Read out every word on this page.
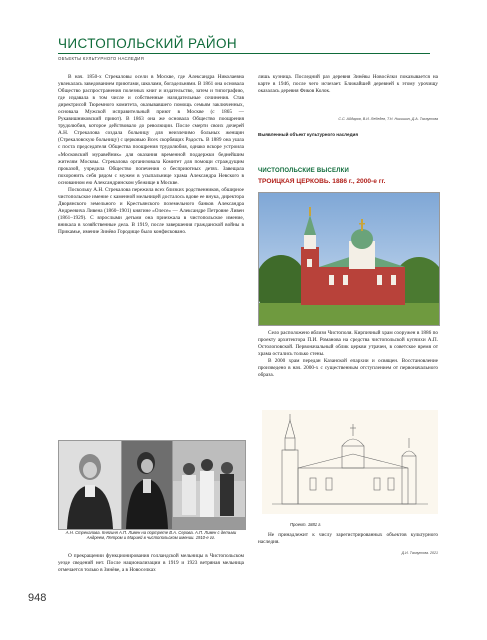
ЧИСТОПОЛЬСКИЙ РАЙОН
ОБЪЕКТЫ КУЛЬТУРНОГО НАСЛЕДИЯ

В нач. 1850-х Стрекаловы осели в Москве, где Александра Николаевна увлекалась заведованием приютами, школами, богадельнями. В 1861 она основала Общество распространения полезных книг и издательство, затем и типографию, где издавала в том числе и собственные назидательные сочинения. Став директрисой Тюремного комитета, оказывавшего помощь семьям заключенных, основала Мужской исправительный приют в Москве (с 1865 — Рукавишниковский приют). В 1863 она же основала Общество поощрения трудолюбия, которое действовало до революции. После смерти своих дочерей А.Н. Стрекалова создала больницу для неизлечимо больных женщин (Стрекаловскую больницу) с церковью Всех скорбящих Радость. В 1889 она ушла с поста председателя Общества поощрения трудолюбия, однако вскоре устроила «Московский муравейник» для оказания временной поддержки беднейшим жителям Москвы. Стрекалова организовала Комитет для помощи страждущим проказой, учредила Общество попечения о бесприютных детях. Завещала похоронить себя рядом с мужем в усыпальнице храма Александра Невского в основанном ею Александринском убежище в Москве.

Поскольку А.Н. Стрекалова пережила всех близких родственников, обширное чистопольское имение с каменной мельницей досталось вдове ее внука, директора Дворянского земельного и Крестьянского поземельного банков Александра Андреевича Ливена (1860–1901) княгине «Олесе» — Александре Петровне Ливен (1861–1929). С взрослыми детьми она приезжала в чистопольское имение, вникала в хозяйственные дела. В 1919, после завершения гражданской войны в Прикамье, имение Зинёво Городище было конфисковано.

А.Н. Стрекалова. Княгиня А.П. Ливен на портрете В.А. Серова. А.П. Ливен с детьми Андреем, Петром и Марией в чистопольском имении. 1910-е гг.

О прекращении функционирования голландской мельницы в Чистопольском уезде сведений нет. После национализации в 1919 и 1923 ветряная мельница отмечается только в Зинёве, а в Новоселках

лишь кузница. Последний раз деревня Зинёвы Новосёлки показывается на карте в 1946, после чего исчезает. Ближайшей деревней к этому урочищу оказалась деревня Фиков Колок.

С.С. Айдаров, В.И. Лебедев, Т.Н. Никишин, Д.А. Тахаутова
Выявленный объект культурного наследия
ЧИСТОПОЛЬСКИЕ ВЫСЕЛКИ
ТРОИЦКАЯ ЦЕРКОВЬ. 1886 г., 2000-е гг.

Село расположено вблизи Чистополя. Кирпичный храм сооружен в 1886 по проекту архитектора П.И. Романова на средства чистопольской купчихи А.П. Остолоповской. Первоначальный облик церкви утрачен, в советское время от храма остались только стены.

В 2000 храм передан Казанской епархии и освящен. Восстановление произведено в нач. 2000-х с существенным отступлением от первоначального образа.

Проект. 1881 г.

Не принадлежит к числу зарегистрированных объектов культурного наследия.

Д.И. Тахаутова. 2021
948
